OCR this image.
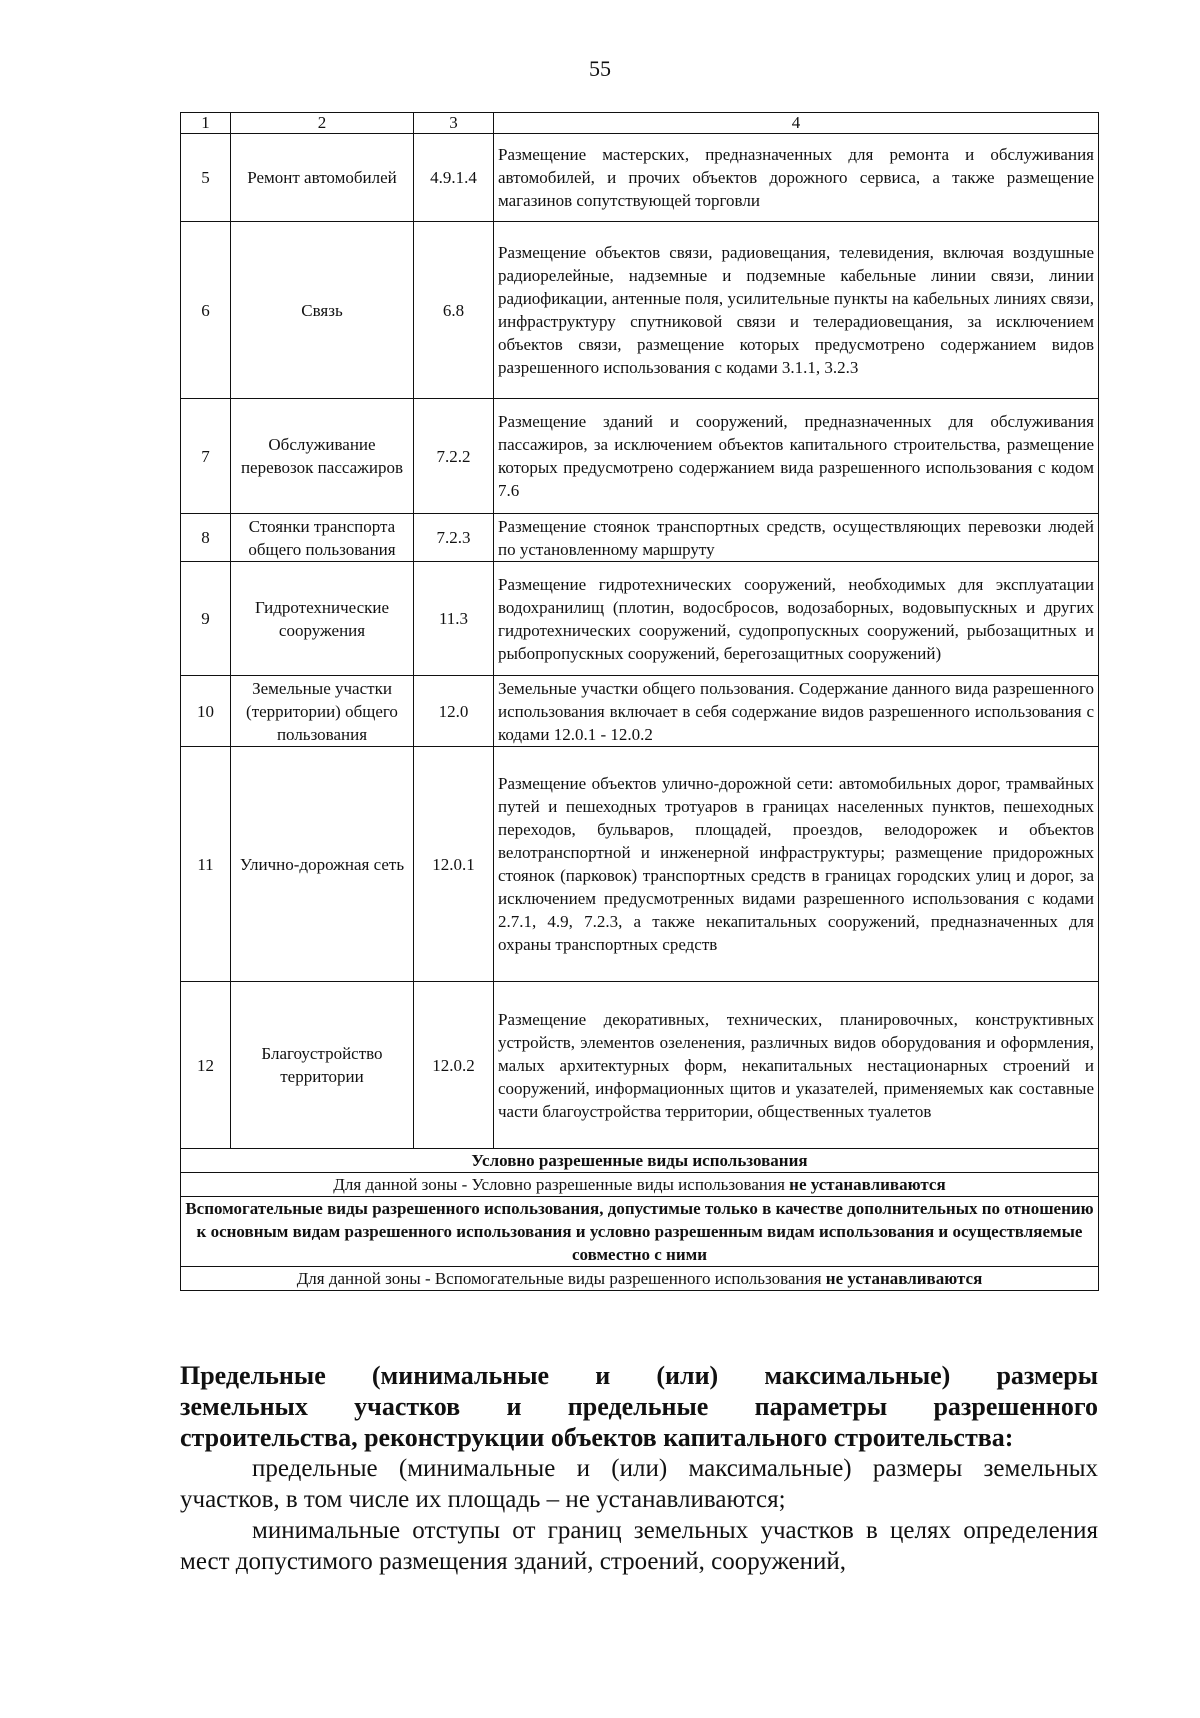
55
1	2	3	4
5	Ремонт автомобилей	4.9.1.4	Размещение мастерских, предназначенных для ремонта и обслуживания автомобилей, и прочих объектов дорожного сервиса, а также размещение магазинов сопутствующей торговли
6	Связь	6.8	Размещение объектов связи, радиовещания, телевидения, включая воздушные радиорелейные, надземные и подземные кабельные линии связи, линии радиофикации, антенные поля, усилительные пункты на кабельных линиях связи, инфраструктуру спутниковой связи и телерадиовещания, за исключением объектов связи, размещение которых предусмотрено содержанием видов разрешенного использования с кодами 3.1.1, 3.2.3
7	Обслуживание перевозок пассажиров	7.2.2	Размещение зданий и сооружений, предназначенных для обслуживания пассажиров, за исключением объектов капитального строительства, размещение которых предусмотрено содержанием вида разрешенного использования с кодом 7.6
8	Стоянки транспорта общего пользования	7.2.3	Размещение стоянок транспортных средств, осуществляющих перевозки людей по установленному маршруту
9	Гидротехнические сооружения	11.3	Размещение гидротехнических сооружений, необходимых для эксплуатации водохранилищ (плотин, водосбросов, водозаборных, водовыпускных и других гидротехнических сооружений, судопропускных сооружений, рыбозащитных и рыбопропускных сооружений, берегозащитных сооружений)
10	Земельные участки (территории) общего пользования	12.0	Земельные участки общего пользования. Содержание данного вида разрешенного использования включает в себя содержание видов разрешенного использования с кодами 12.0.1 - 12.0.2
11	Улично-дорожная сеть	12.0.1	Размещение объектов улично-дорожной сети: автомобильных дорог, трамвайных путей и пешеходных тротуаров в границах населенных пунктов, пешеходных переходов, бульваров, площадей, проездов, велодорожек и объектов велотранспортной и инженерной инфраструктуры; размещение придорожных стоянок (парковок) транспортных средств в границах городских улиц и дорог, за исключением предусмотренных видами разрешенного использования с кодами 2.7.1, 4.9, 7.2.3, а также некапитальных сооружений, предназначенных для охраны транспортных средств
12	Благоустройство территории	12.0.2	Размещение декоративных, технических, планировочных, конструктивных устройств, элементов озеленения, различных видов оборудования и оформления, малых архитектурных форм, некапитальных нестационарных строений и сооружений, информационных щитов и указателей, применяемых как составные части благоустройства территории, общественных туалетов
Условно разрешенные виды использования			
Для данной зоны - Условно разрешенные виды использования не устанавливаются			
Вспомогательные виды разрешенного использования, допустимые только в качестве дополнительных по отношению к основным видам разрешенного использования и условно разрешенным видам использования и осуществляемые совместно с ними			
Для данной зоны - Вспомогательные виды разрешенного использования не устанавливаются			

Предельные (минимальные и (или) максимальные) размеры

земельных участков и предельные параметры разрешенного

строительства, реконструкции объектов капитального строительства:

предельные (минимальные и (или) максимальные) размеры земельных участков, в том числе их площадь – не устанавливаются;

минимальные отступы от границ земельных участков в целях определения мест допустимого размещения зданий, строений, сооружений,
